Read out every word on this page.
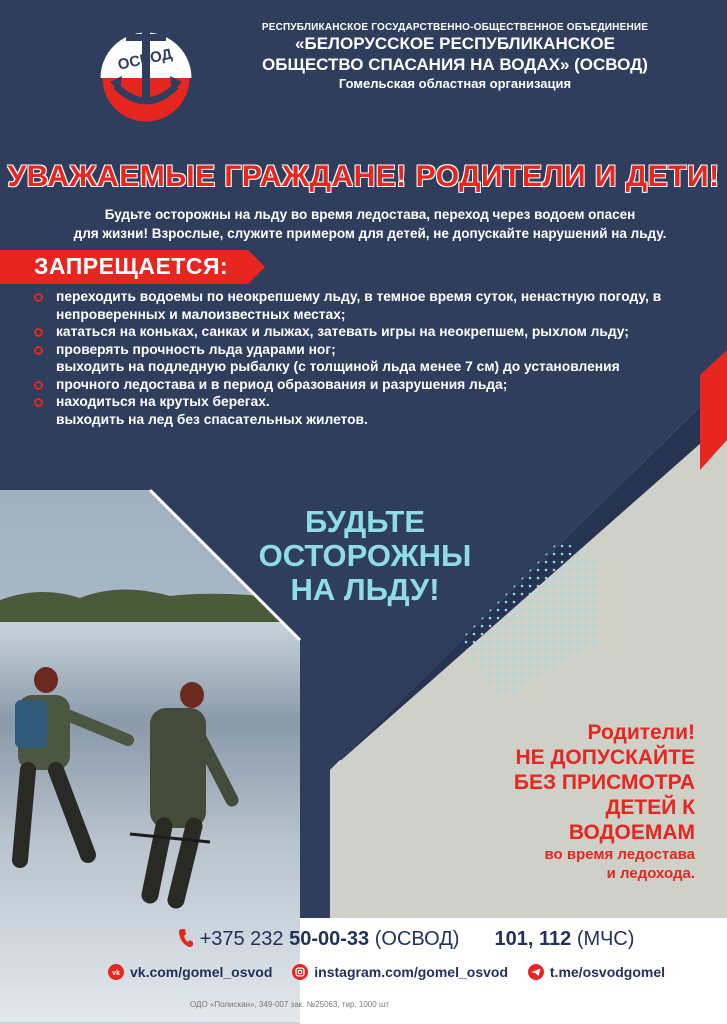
ОСВОД
РЕСПУБЛИКАНСКОЕ ГОСУДАРСТВЕННО-ОБЩЕСТВЕННОЕ ОБЪЕДИНЕНИЕ
«БЕЛОРУССКОЕ РЕСПУБЛИКАНСКОЕ
ОБЩЕСТВО СПАСАНИЯ НА ВОДАХ» (ОСВОД)
Гомельская областная организация
УВАЖАЕМЫЕ ГРАЖДАНЕ! РОДИТЕЛИ И ДЕТИ!
Будьте осторожны на льду во время ледостава, переход через водоем опасен
для жизни! Взрослые, служите примером для детей, не допускайте нарушений на льду.
ЗАПРЕЩАЕТСЯ:
переходить водоемы по неокрепшему льду, в темное время суток, ненастную погоду, в непроверенных и малоизвестных местах;
кататься на коньках, санках и лыжах, затевать игры на неокрепшем, рыхлом льду;
проверять прочность льда ударами ног;
выходить на подледную рыбалку (с толщиной льда менее 7 см) до установления
прочного ледостава и в период образования и разрушения льда;
находиться на крутых берегах.
выходить на лед без спасательных жилетов.
БУДЬТЕ
ОСТОРОЖНЫ
НА ЛЬДУ!
Родители!
НЕ ДОПУСКАЙТЕ
БЕЗ ПРИСМОТРА
ДЕТЕЙ К
ВОДОЕМАМ
во время ледостава
и ледохода.
+375 232 50-00-33 (ОСВОД) 101, 112 (МЧС)
vk vk.com/gomel_osvod
	instagram.com/gomel_osvod
	t.me/osvodgomel
ОДО «Полискан», 349-007 зак. №25063, тир. 1000 шт
